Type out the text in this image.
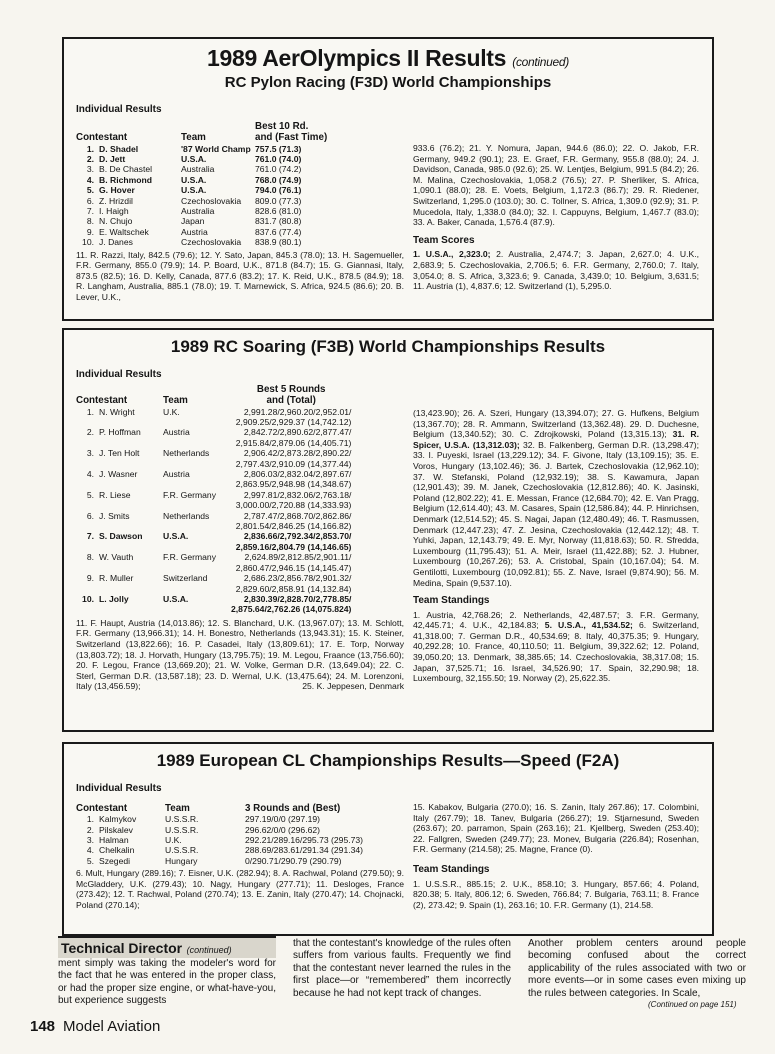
1989 AerOlympics II Results (continued)
RC Pylon Racing (F3D) World Championships
Individual Results
Contestant		Team	Best 10 Rd.
and (Fast Time)

1.	D. Shadel	'87 World Champ	757.5 (71.3)
2.	D. Jett	U.S.A.	761.0 (74.0)
3.	B. De Chastel	Australia	761.0 (74.2)
4.	B. Richmond	U.S.A.	768.0 (74.9)
5.	G. Hover	U.S.A.	794.0 (76.1)
6.	Z. Hrizdil	Czechoslovakia	809.0 (77.3)
7.	I. Haigh	Australia	828.6 (81.0)
8.	N. Chujo	Japan	831.7 (80.8)
9.	E. Waltschek	Austria	837.6 (77.4)
10.	J. Danes	Czechoslovakia	838.9 (80.1)

11. R. Razzi, Italy, 842.5 (79.6); 12. Y. Sato, Japan, 845.3 (78.0); 13. H. Sagemueller, F.R. Germany, 855.0 (79.9); 14. P. Board, U.K., 871.8 (84.7); 15. G. Giannasi, Italy, 873.5 (82.5); 16. D. Kelly, Canada, 877.6 (83.2); 17. K. Reid, U.K., 878.5 (84.9); 18. R. Langham, Australia, 885.1 (78.0); 19. T. Marnewick, S. Africa, 924.5 (86.6); 20. B. Lever, U.K.,

933.6 (76.2); 21. Y. Nomura, Japan, 944.6 (86.0); 22. O. Jakob, F.R. Germany, 949.2 (90.1); 23. E. Graef, F.R. Germany, 955.8 (88.0); 24. J. Davidson, Canada, 985.0 (92.6); 25. W. Lentjes, Belgium, 991.5 (84.2); 26. M. Malina, Czechoslovakia, 1,058.2 (76.5); 27. P. Sherliker, S. Africa, 1,090.1 (88.0); 28. E. Voets, Belgium, 1,172.3 (86.7); 29. R. Riedener, Switzerland, 1,295.0 (103.0); 30. C. Tollner, S. Africa, 1,309.0 (92.9); 31. P. Mucedola, Italy, 1,338.0 (84.0); 32. I. Cappuyns, Belgium, 1,467.7 (83.0); 33. A. Baker, Canada, 1,576.4 (87.9).

Team Scores

1. U.S.A., 2,323.0; 2. Australia, 2,474.7; 3. Japan, 2,627.0; 4. U.K., 2,683.9; 5. Czechoslovakia, 2,706.5; 6. F.R. Germany, 2,760.0; 7. Italy, 3,054.0; 8. S. Africa, 3,323.6; 9. Canada, 3,439.0; 10. Belgium, 3,631.5; 11. Austria (1), 4,837.6; 12. Switzerland (1), 5,295.0.

1989 RC Soaring (F3B) World Championships Results
Individual Results
Contestant		Team	Best 5 Rounds
and (Total)

1.	N. Wright	U.K.	2,991.28/2,960.20/2,952.01/
2,909.25/2,929.37 (14,742.12)

2.	P. Hoffman	Austria	2,842.72/2,890.62/2,877.47/
2,915.84/2,879.06 (14,405.71)

3.	J. Ten Holt	Netherlands	2,906.42/2,873.28/2,890.22/
2,797.43/2,910.09 (14,377.44)

4.	J. Wasner	Austria	2,806.03/2,832.04/2,897.67/
2,863.95/2,948.98 (14,348.67)

5.	R. Liese	F.R. Germany	2,997.81/2,832.06/2,763.18/
3,000.00/2,720.88 (14,333.93)

6.	J. Smits	Netherlands	2,787.47/2,868.70/2,862.86/
2,801.54/2,846.25 (14,166.82)

7.	S. Dawson	U.S.A.	2,836.66/2,792.34/2,853.70/
2,859.16/2,804.79 (14,146.65)

8.	W. Vauth	F.R. Germany	2,624.89/2,812.85/2,901.11/
2,860.47/2,946.15 (14,145.47)

9.	R. Muller	Switzerland	2,686.23/2,856.78/2,901.32/
2,829.60/2,858.91 (14,132.84)

10.	L. Jolly	U.S.A.	2,830.39/2,828.70/2,778.85/
2,875.64/2,762.26 (14,075.824)

11. F. Haupt, Austria (14,013.86); 12. S. Blanchard, U.K. (13,967.07); 13. M. Schlott, F.R. Germany (13,966.31); 14. H. Bonestro, Netherlands (13,943.31); 15. K. Steiner, Switzerland (13,822.66); 16. P. Casadei, Italy (13,809.61); 17. E. Torp, Norway (13,803.72); 18. J. Horvath, Hungary (13,795.75); 19. M. Legou, Fraance (13,756.60); 20. F. Legou, France (13,669.20); 21. W. Volke, German D.R. (13,649.04); 22. C. Sterl, German D.R. (13,587.18); 23. D. Wernal, U.K. (13,475.64); 24. M. Lorenzoni, Italy (13,456.59);	25. K. Jeppesen, Denmark

(13,423.90); 26. A. Szeri, Hungary (13,394.07); 27. G. Hufkens, Belgium (13,367.70); 28. R. Ammann, Switzerland (13,362.48). 29. D. Duchesne, Belgium (13,340.52); 30. C. Zdrojkowski, Poland (13,315.13); 31. R. Spicer, U.S.A. (13,312.03); 32. B. Falkenberg, German D.R. (13,298.47); 33. I. Puyeski, Israel (13,229.12); 34. F. Givone, Italy (13,109.15); 35. E. Voros, Hungary (13,102.46); 36. J. Bartek, Czechoslovakia (12,962.10); 37. W. Stefanski, Poland (12,932.19); 38. S. Kawamura, Japan (12,901.43); 39. M. Janek, Czechoslovakia (12,812.86); 40. K. Jasinski, Poland (12,802.22); 41. E. Messan, France (12,684.70); 42. E. Van Pragg, Belgium (12,614.40); 43. M. Casares, Spain (12,586.84); 44. P. Hinrichsen, Denmark (12,514.52); 45. S. Nagai, Japan (12,480.49); 46. T. Rasmussen, Denmark (12,447.23); 47. Z. Jesina, Czechoslovakia (12,442.12); 48. T. Yuhki, Japan, 12,143.79; 49. E. Myr, Norway (11,818.63); 50. R. Sfredda, Luxembourg (11,795.43); 51. A. Meir, Israel (11,422.88); 52. J. Hubner, Luxembourg (10,267.26); 53. A. Cristobal, Spain (10,167.04); 54. M. Gentilotti, Luxembourg (10,092.81); 55. Z. Nave, Israel (9,874.90); 56. M. Medina, Spain (9,537.10).

Team Standings

1. Austria, 42,768.26; 2. Netherlands, 42,487.57; 3. F.R. Germany, 42,445.71; 4. U.K., 42,184.83; 5. U.S.A., 41,534.52; 6. Switzerland, 41,318.00; 7. German D.R., 40,534.69; 8. Italy, 40,375.35; 9. Hungary, 40,292.28; 10. France, 40,110.50; 11. Belgium, 39,322.62; 12. Poland, 39,050.20; 13. Denmark, 38,385.65; 14. Czechoslovakia, 38,317.08; 15. Japan, 37,525.71; 16. Israel, 34,526.90; 17. Spain, 32,290.98; 18. Luxembourg, 32,155.50; 19. Norway (2), 25,622.35.

1989 European CL Championships Results—Speed (F2A)
Individual Results
Contestant		Team	3 Rounds and (Best)
1.	Kalmykov	U.S.S.R.	297.19/0/0 (297.19)
2.	Pilskalev	U.S.S.R.	296.62/0/0 (296.62)
3.	Halman	U.K.	292.21/289.16/295.73 (295.73)
4.	Chelkalin	U.S.S.R.	288.69/283.61/291.34 (291.34)
5.	Szegedi	Hungary	0/290.71/290.79 (290.79)

6. Mult, Hungary (289.16); 7. Eisner, U.K. (282.94); 8. A. Rachwal, Poland (279.50); 9. McGladdery, U.K. (279.43); 10. Nagy, Hungary (277.71); 11. Desloges, France (273.42); 12. T. Rachwal, Poland (270.74); 13. E. Zanin, Italy (270.47); 14. Chojnacki, Poland (270.14);

15. Kabakov, Bulgaria (270.0); 16. S. Zanin, Italy 267.86); 17. Colombini, Italy (267.79); 18. Tanev, Bulgaria (266.27); 19. Stjarnesund, Sweden (263.67); 20. parramon, Spain (263.16); 21. Kjellberg, Sweden (253.40); 22. Fallgren, Sweden (249.77); 23. Monev, Bulgaria (226.84); Rosenhan, F.R. Germany (214.58); 25. Magne, France (0).

Team Standings

1. U.S.S.R., 885.15; 2. U.K., 858.10; 3. Hungary, 857.66; 4. Poland, 820.38; 5. Italy, 806.12; 6. Sweden, 766.84; 7. Bulgaria, 763.11; 8. France (2), 273.42; 9. Spain (1), 263.16; 10. F.R. Germany (1), 214.58.

Technical Director (continued)

ment simply was taking the modeler's word for the fact that he was entered in the proper class, or had the proper size engine, or what-have-you, but experience suggests

that the contestant's knowledge of the rules often suffers from various faults. Frequently we find that the contestant never learned the rules in the first place—or “remembered” them incorrectly because he had not kept track of changes.

Another problem centers around people becoming confused about the correct applicability of the rules associated with two or more events—or in some cases even mixing up the rules between categories. In Scale,

(Continued on page 151)
148 Model Aviation
